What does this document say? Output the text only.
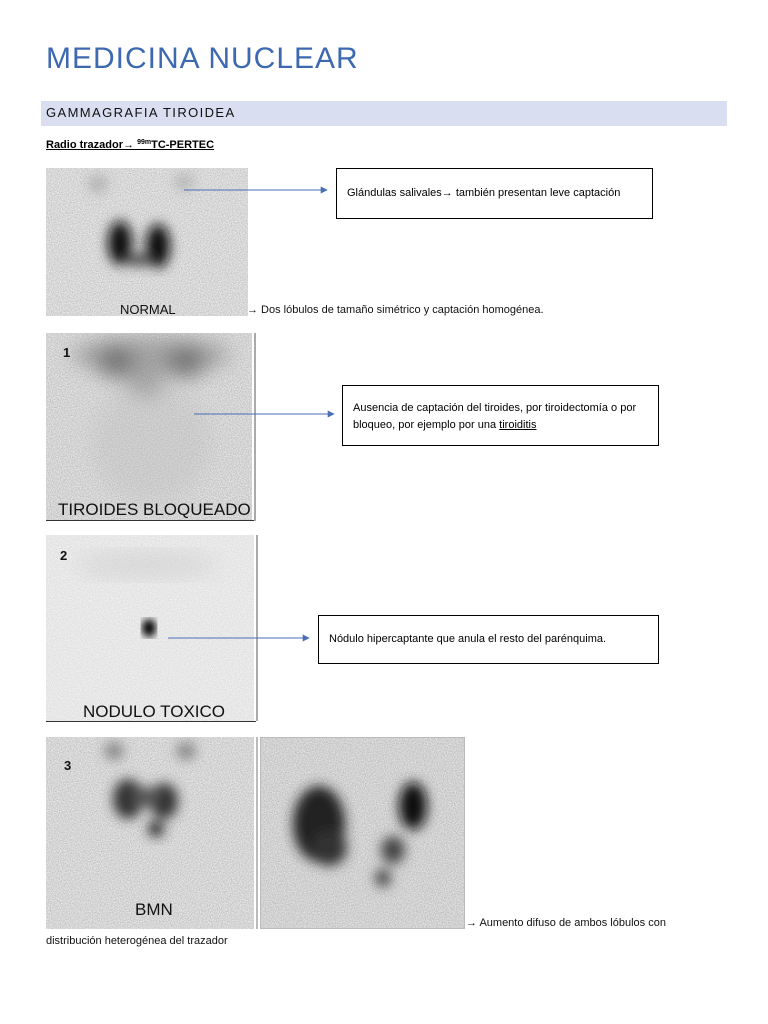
MEDICINA NUCLEAR
GAMMAGRAFIA TIROIDEA
Radio trazador→ $^{99m}$TC-PERTEC
NORMAL
Glándulas salivales→ también presentan leve captación
→ Dos lóbulos de tamaño simétrico y captación homogénea.
1
TIROIDES BLOQUEADO
Ausencia de captación del tiroides, por tiroidectomía o por bloqueo, por ejemplo por una tiroiditis
2
NODULO TOXICO
Nódulo hipercaptante que anula el resto del parénquima.
3
BMN
→ Aumento difuso de ambos lóbulos con
distribución heterogénea del trazador
